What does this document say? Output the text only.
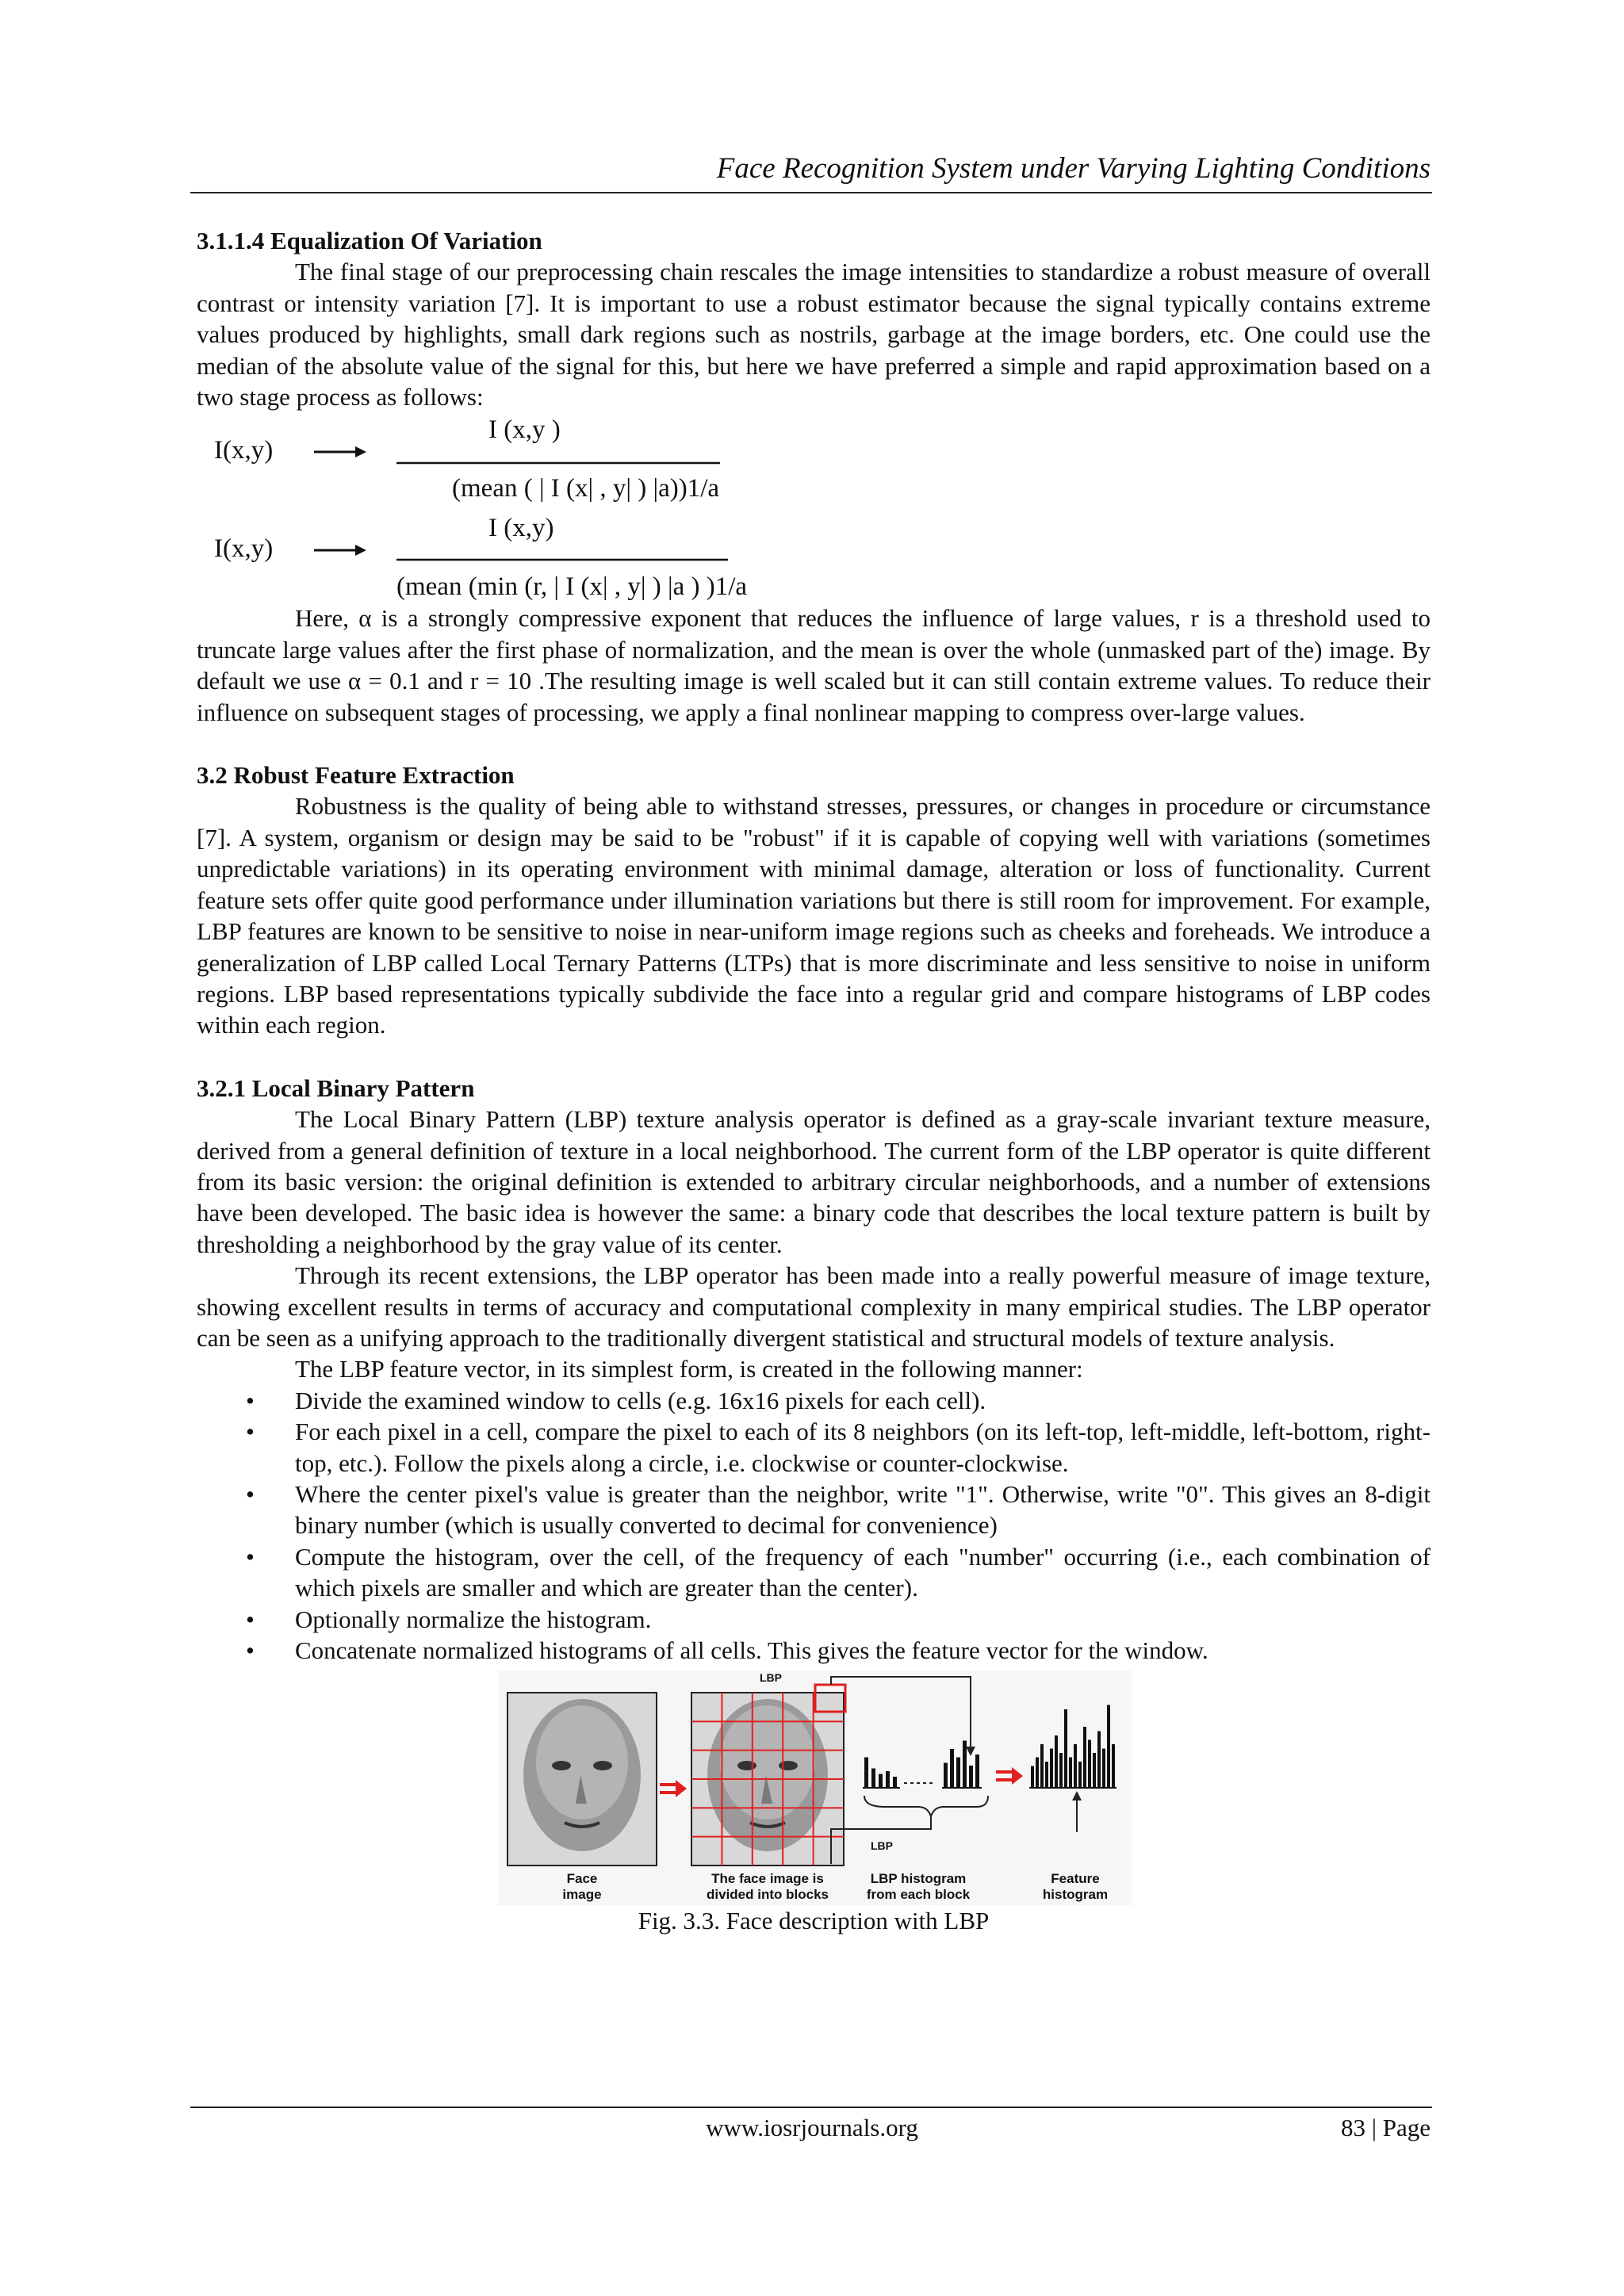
Face Recognition System under Varying Lighting Conditions

3.1.1.4 Equalization Of Variation

The final stage of our preprocessing chain rescales the image intensities to standardize a robust measure of overall contrast or intensity variation [7]. It is important to use a robust estimator because the signal typically contains extreme values produced by highlights, small dark regions such as nostrils, garbage at the image borders, etc. One could use the median of the absolute value of the signal for this, but here we have preferred a simple and rapid approximation based on a two stage process as follows:

I(x,y)
I (x,y )
(mean ( | I (x| , y| ) |a))1/a
I(x,y)
I (x,y)
(mean (min (r, | I (x| , y| ) |a ) )1/a

Here, α is a strongly compressive exponent that reduces the influence of large values, r is a threshold used to truncate large values after the first phase of normalization, and the mean is over the whole (unmasked part of the) image. By default we use α = 0.1 and r = 10 .The resulting image is well scaled but it can still contain extreme values. To reduce their influence on subsequent stages of processing, we apply a final nonlinear mapping to compress over-large values.

3.2 Robust Feature Extraction

Robustness is the quality of being able to withstand stresses, pressures, or changes in procedure or circumstance [7]. A system, organism or design may be said to be "robust" if it is capable of copying well with variations (sometimes unpredictable variations) in its operating environment with minimal damage, alteration or loss of functionality. Current feature sets offer quite good performance under illumination variations but there is still room for improvement. For example, LBP features are known to be sensitive to noise in near-uniform image regions such as cheeks and foreheads. We introduce a generalization of LBP called Local Ternary Patterns (LTPs) that is more discriminate and less sensitive to noise in uniform regions. LBP based representations typically subdivide the face into a regular grid and compare histograms of LBP codes within each region.

3.2.1 Local Binary Pattern

The Local Binary Pattern (LBP) texture analysis operator is defined as a gray-scale invariant texture measure, derived from a general definition of texture in a local neighborhood. The current form of the LBP operator is quite different from its basic version: the original definition is extended to arbitrary circular neighborhoods, and a number of extensions have been developed. The basic idea is however the same: a binary code that describes the local texture pattern is built by thresholding a neighborhood by the gray value of its center.

Through its recent extensions, the LBP operator has been made into a really powerful measure of image texture, showing excellent results in terms of accuracy and computational complexity in many empirical studies. The LBP operator can be seen as a unifying approach to the traditionally divergent statistical and structural models of texture analysis.

The LBP feature vector, in its simplest form, is created in the following manner:

• Divide the examined window to cells (e.g. 16x16 pixels for each cell).
• For each pixel in a cell, compare the pixel to each of its 8 neighbors (on its left-top, left-middle, left-bottom, right-top, etc.). Follow the pixels along a circle, i.e. clockwise or counter-clockwise.
• Where the center pixel's value is greater than the neighbor, write "1". Otherwise, write "0". This gives an 8-digit binary number (which is usually converted to decimal for convenience)
• Compute the histogram, over the cell, of the frequency of each "number" occurring (i.e., each combination of which pixels are smaller and which are greater than the center).
• Optionally normalize the histogram.
• Concatenate normalized histograms of all cells. This gives the feature vector for the window.
LBP
LBP
Face
image
The face image is
divided into blocks
LBP histogram
from each block
Feature
histogram

Fig. 3.3. Face description with LBP

www.iosrjournals.org	83 | Page
